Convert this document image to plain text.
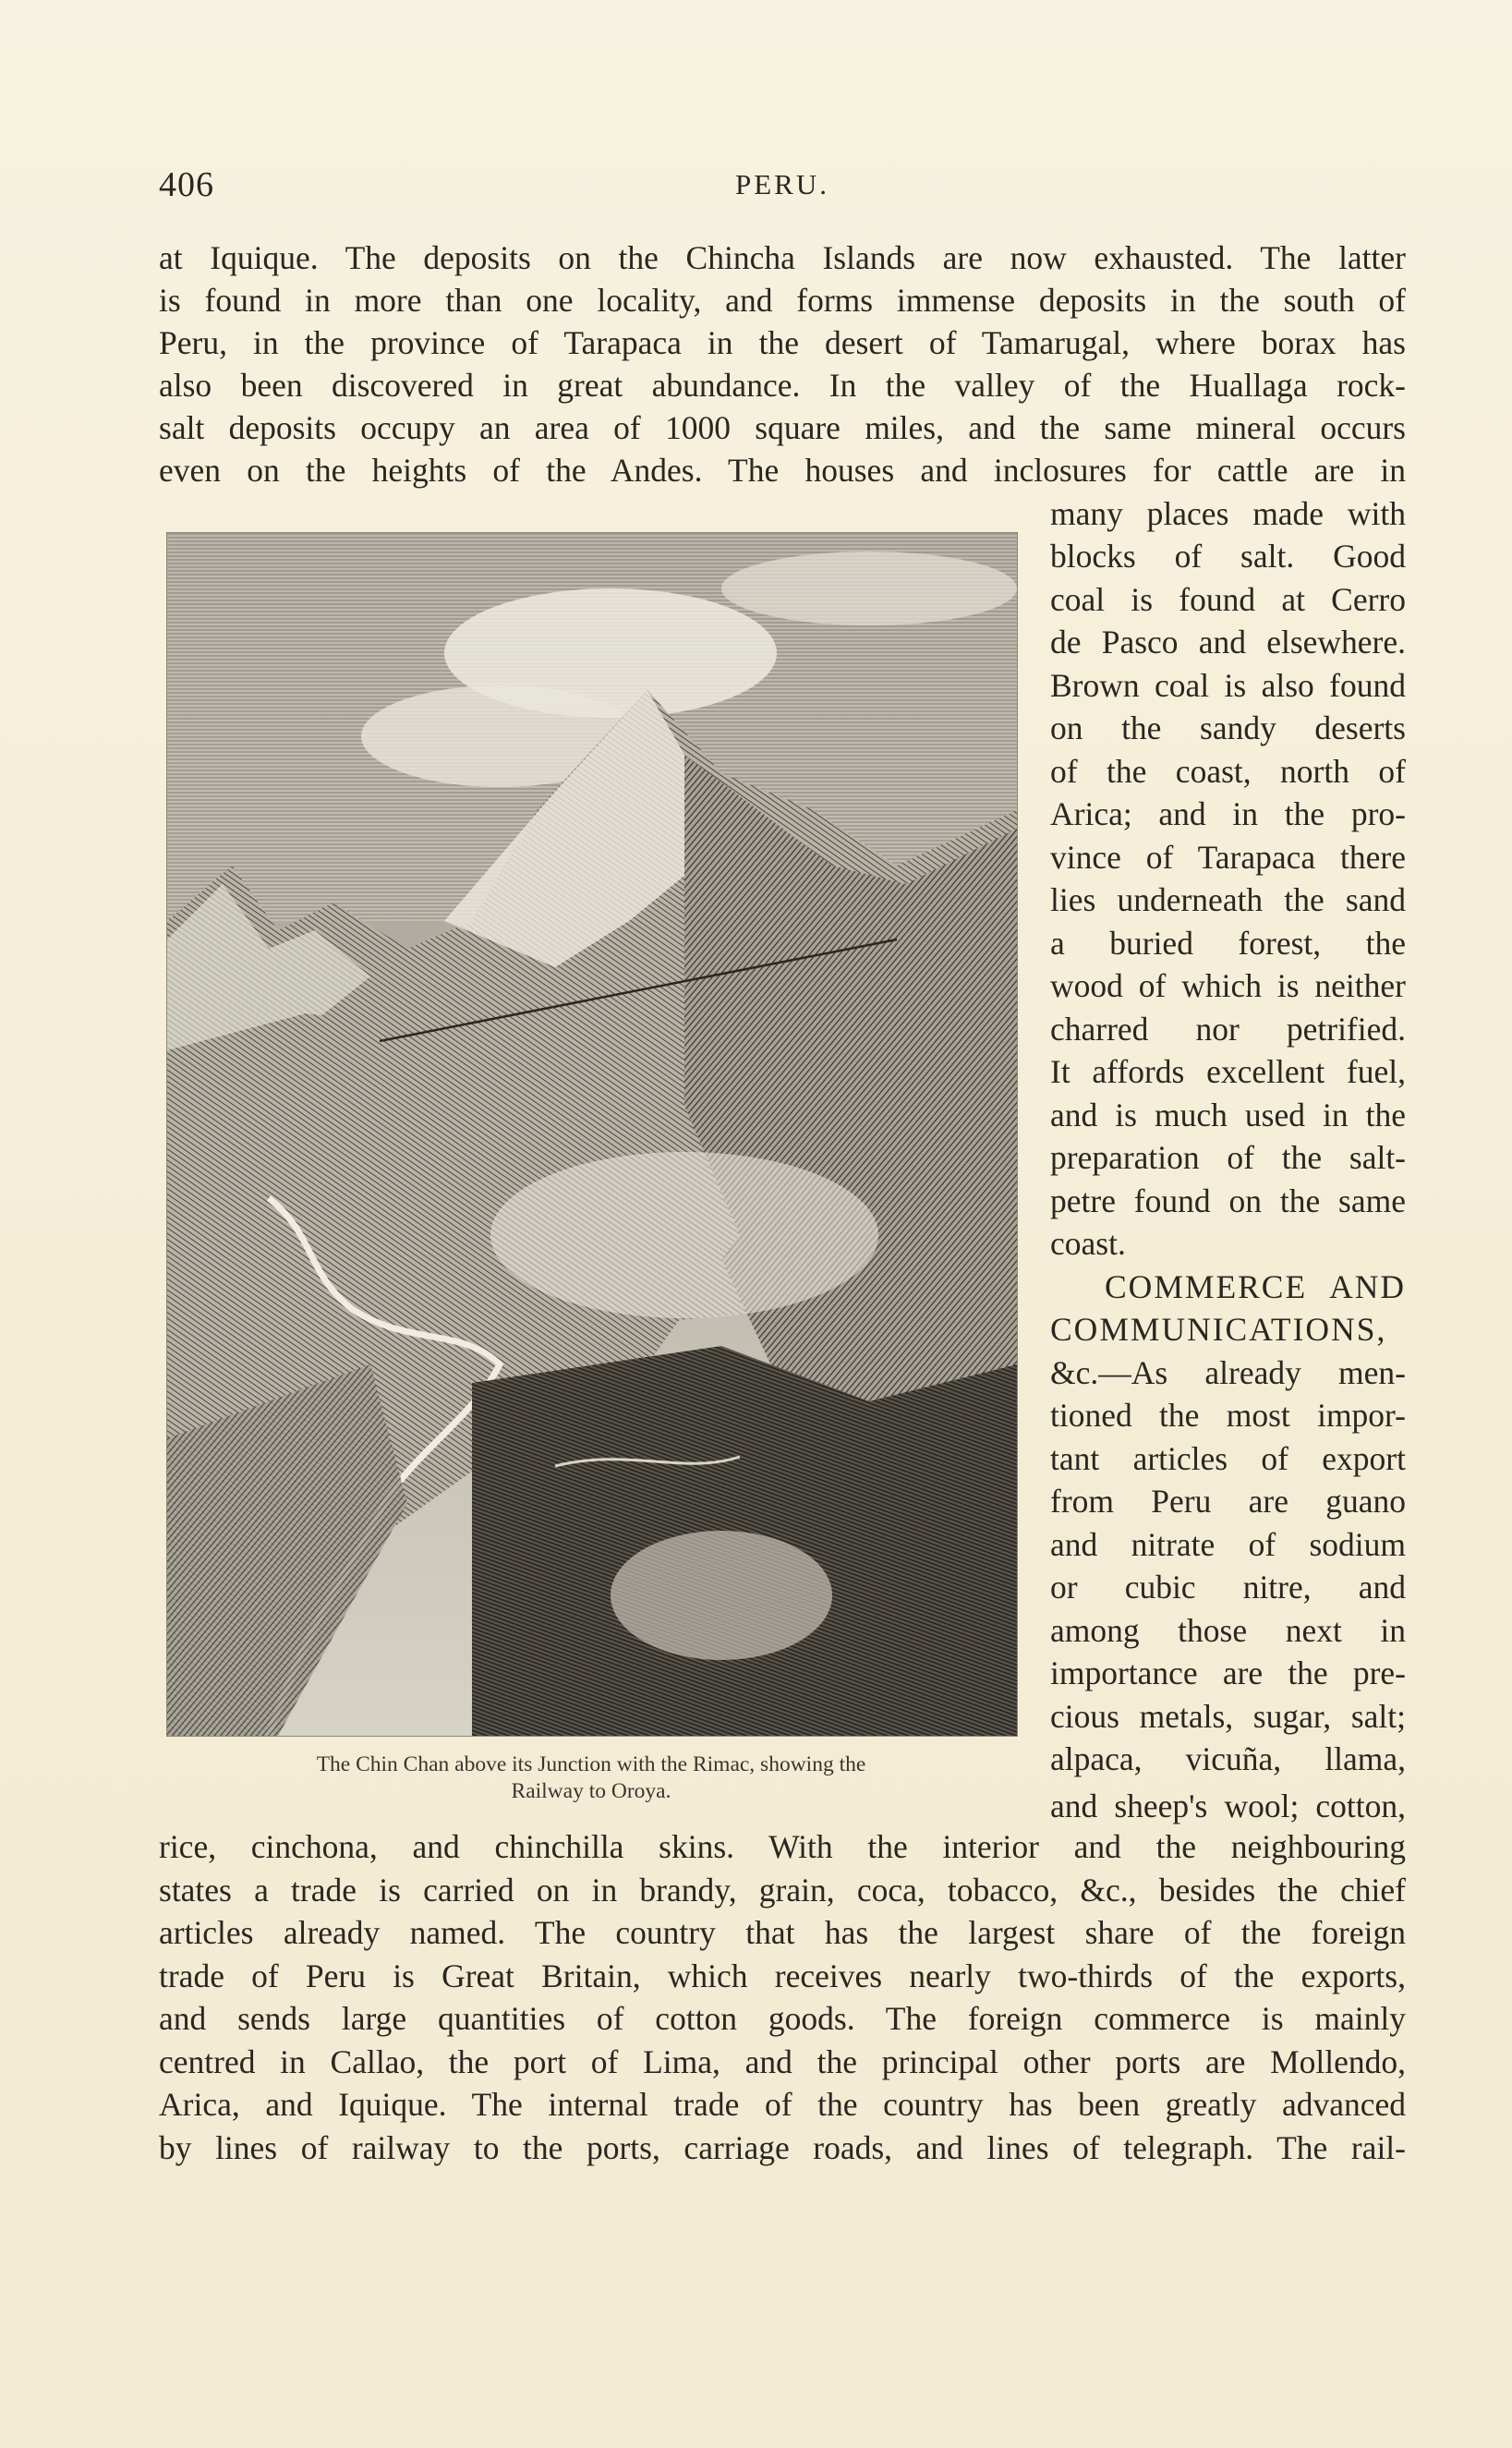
406	PERU.
at Iquique. The deposits on the Chincha Islands are now exhausted. The latter
is found in more than one locality, and forms immense deposits in the south of
Peru, in the province of Tarapaca in the desert of Tamarugal, where borax has
also been discovered in great abundance. In the valley of the Huallaga rock-
salt deposits occupy an area of 1000 square miles, and the same mineral occurs
even on the heights of the Andes. The houses and inclosures for cattle are in
many places made with
blocks of salt. Good
coal is found at Cerro
de Pasco and elsewhere.
Brown coal is also found
on the sandy deserts
of the coast, north of
Arica; and in the pro-
vince of Tarapaca there
lies underneath the sand
a buried forest, the
wood of which is neither
charred nor petrified.
It affords excellent fuel,
and is much used in the
preparation of the salt-
petre found on the same
coast.
COMMERCE AND
COMMUNICATIONS,
&c.—As already men-
tioned the most impor-
tant articles of export
from Peru are guano
and nitrate of sodium
or cubic nitre, and
among those next in
importance are the pre-
cious metals, sugar, salt;
alpaca, vicuña, llama,
and sheep's wool; cotton,
The Chin Chan above its Junction with the Rimac, showing the
Railway to Oroya.
rice, cinchona, and chinchilla skins. With the interior and the neighbouring
states a trade is carried on in brandy, grain, coca, tobacco, &c., besides the chief
articles already named. The country that has the largest share of the foreign
trade of Peru is Great Britain, which receives nearly two-thirds of the exports,
and sends large quantities of cotton goods. The foreign commerce is mainly
centred in Callao, the port of Lima, and the principal other ports are Mollendo,
Arica, and Iquique. The internal trade of the country has been greatly advanced
by lines of railway to the ports, carriage roads, and lines of telegraph. The rail-
